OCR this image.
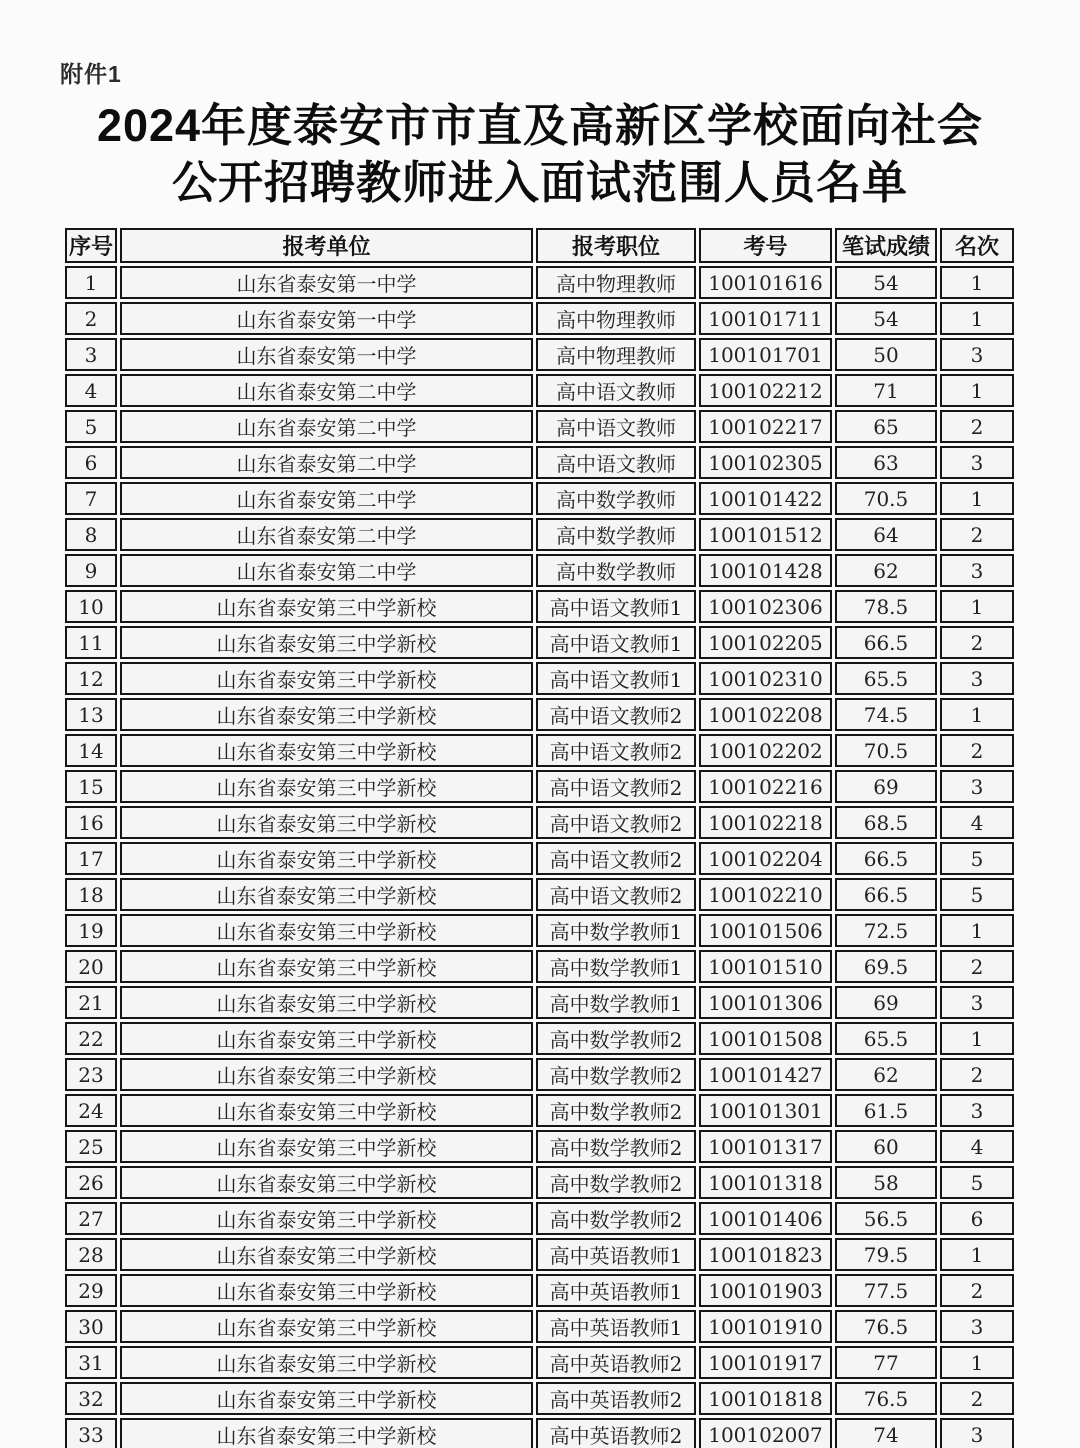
附件1
2024年度泰安市市直及高新区学校面向社会
公开招聘教师进入面试范围人员名单
序号	报考单位	报考职位	考号	笔试成绩	名次
1	山东省泰安第一中学	高中物理教师	100101616	54	1
2	山东省泰安第一中学	高中物理教师	100101711	54	1
3	山东省泰安第一中学	高中物理教师	100101701	50	3
4	山东省泰安第二中学	高中语文教师	100102212	71	1
5	山东省泰安第二中学	高中语文教师	100102217	65	2
6	山东省泰安第二中学	高中语文教师	100102305	63	3
7	山东省泰安第二中学	高中数学教师	100101422	70.5	1
8	山东省泰安第二中学	高中数学教师	100101512	64	2
9	山东省泰安第二中学	高中数学教师	100101428	62	3
10	山东省泰安第三中学新校	高中语文教师1	100102306	78.5	1
11	山东省泰安第三中学新校	高中语文教师1	100102205	66.5	2
12	山东省泰安第三中学新校	高中语文教师1	100102310	65.5	3
13	山东省泰安第三中学新校	高中语文教师2	100102208	74.5	1
14	山东省泰安第三中学新校	高中语文教师2	100102202	70.5	2
15	山东省泰安第三中学新校	高中语文教师2	100102216	69	3
16	山东省泰安第三中学新校	高中语文教师2	100102218	68.5	4
17	山东省泰安第三中学新校	高中语文教师2	100102204	66.5	5
18	山东省泰安第三中学新校	高中语文教师2	100102210	66.5	5
19	山东省泰安第三中学新校	高中数学教师1	100101506	72.5	1
20	山东省泰安第三中学新校	高中数学教师1	100101510	69.5	2
21	山东省泰安第三中学新校	高中数学教师1	100101306	69	3
22	山东省泰安第三中学新校	高中数学教师2	100101508	65.5	1
23	山东省泰安第三中学新校	高中数学教师2	100101427	62	2
24	山东省泰安第三中学新校	高中数学教师2	100101301	61.5	3
25	山东省泰安第三中学新校	高中数学教师2	100101317	60	4
26	山东省泰安第三中学新校	高中数学教师2	100101318	58	5
27	山东省泰安第三中学新校	高中数学教师2	100101406	56.5	6
28	山东省泰安第三中学新校	高中英语教师1	100101823	79.5	1
29	山东省泰安第三中学新校	高中英语教师1	100101903	77.5	2
30	山东省泰安第三中学新校	高中英语教师1	100101910	76.5	3
31	山东省泰安第三中学新校	高中英语教师2	100101917	77	1
32	山东省泰安第三中学新校	高中英语教师2	100101818	76.5	2
33	山东省泰安第三中学新校	高中英语教师2	100102007	74	3
